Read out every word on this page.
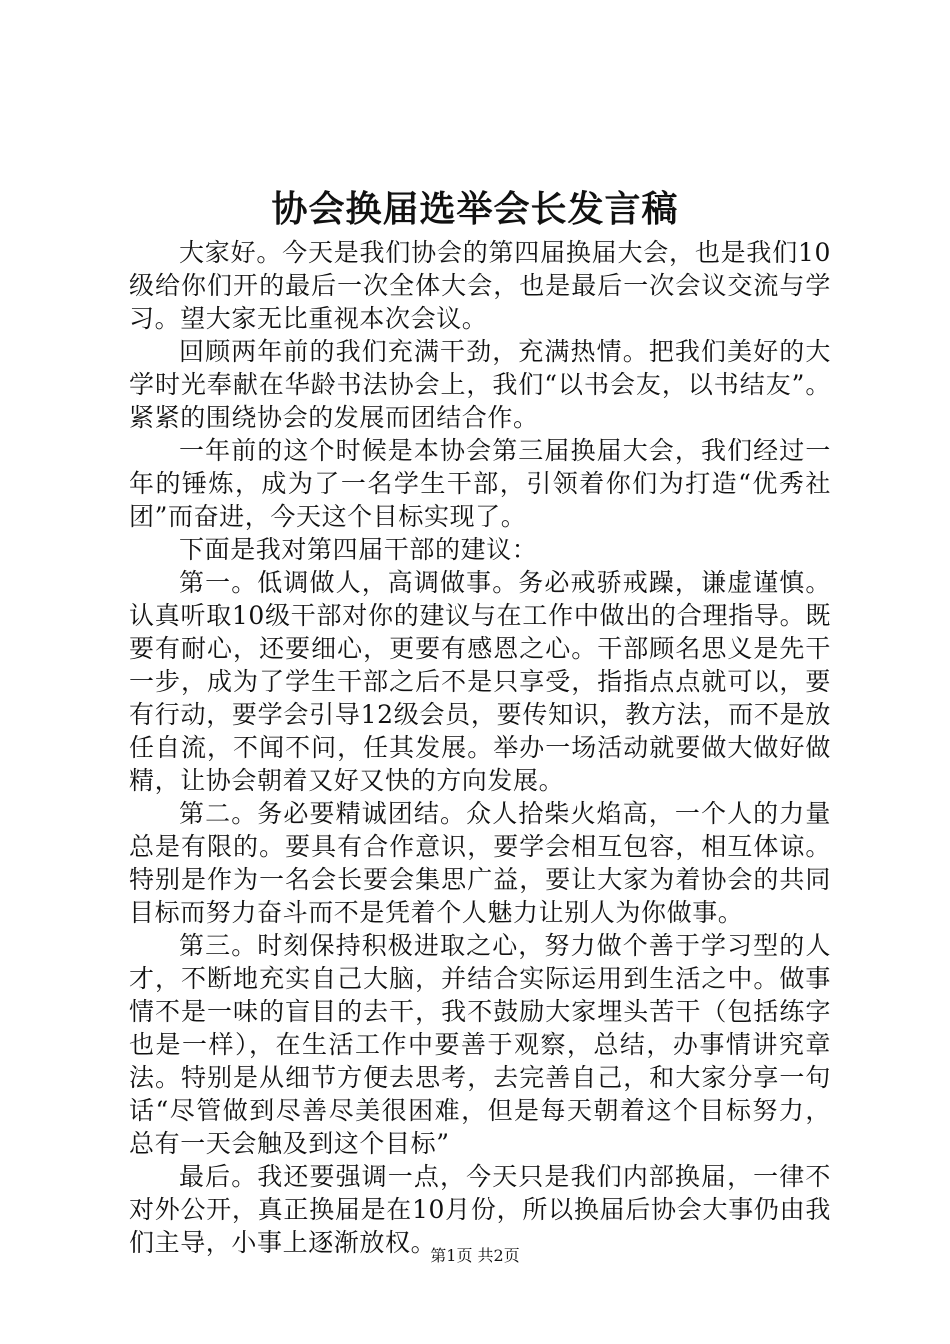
协会换届选举会长发言稿

大家好。今天是我们协会的第四届换届大会，也是我们10级给你们开的最后一次全体大会，也是最后一次会议交流与学习。望大家无比重视本次会议。

回顾两年前的我们充满干劲，充满热情。把我们美好的大学时光奉献在华龄书法协会上，我们“以书会友，以书结友”。紧紧的围绕协会的发展而团结合作。

一年前的这个时候是本协会第三届换届大会，我们经过一年的锤炼，成为了一名学生干部，引领着你们为打造“优秀社团”而奋进，今天这个目标实现了。

下面是我对第四届干部的建议：

第一。低调做人，高调做事。务必戒骄戒躁，谦虚谨慎。认真听取10级干部对你的建议与在工作中做出的合理指导。既要有耐心，还要细心，更要有感恩之心。干部顾名思义是先干一步，成为了学生干部之后不是只享受，指指点点就可以，要有行动，要学会引导12级会员，要传知识，教方法，而不是放任自流，不闻不问，任其发展。举办一场活动就要做大做好做精，让协会朝着又好又快的方向发展。

第二。务必要精诚团结。众人拾柴火焰高，一个人的力量总是有限的。要具有合作意识，要学会相互包容，相互体谅。特别是作为一名会长要会集思广益，要让大家为着协会的共同目标而努力奋斗而不是凭着个人魅力让别人为你做事。

第三。时刻保持积极进取之心，努力做个善于学习型的人才，不断地充实自己大脑，并结合实际运用到生活之中。做事情不是一味的盲目的去干，我不鼓励大家埋头苦干（包括练字也是一样），在生活工作中要善于观察，总结，办事情讲究章法。特别是从细节方便去思考，去完善自己，和大家分享一句话“尽管做到尽善尽美很困难，但是每天朝着这个目标努力，总有一天会触及到这个目标”

最后。我还要强调一点，今天只是我们内部换届，一律不对外公开，真正换届是在10月份，所以换届后协会大事仍由我们主导，小事上逐渐放权。

第1页 共2页
